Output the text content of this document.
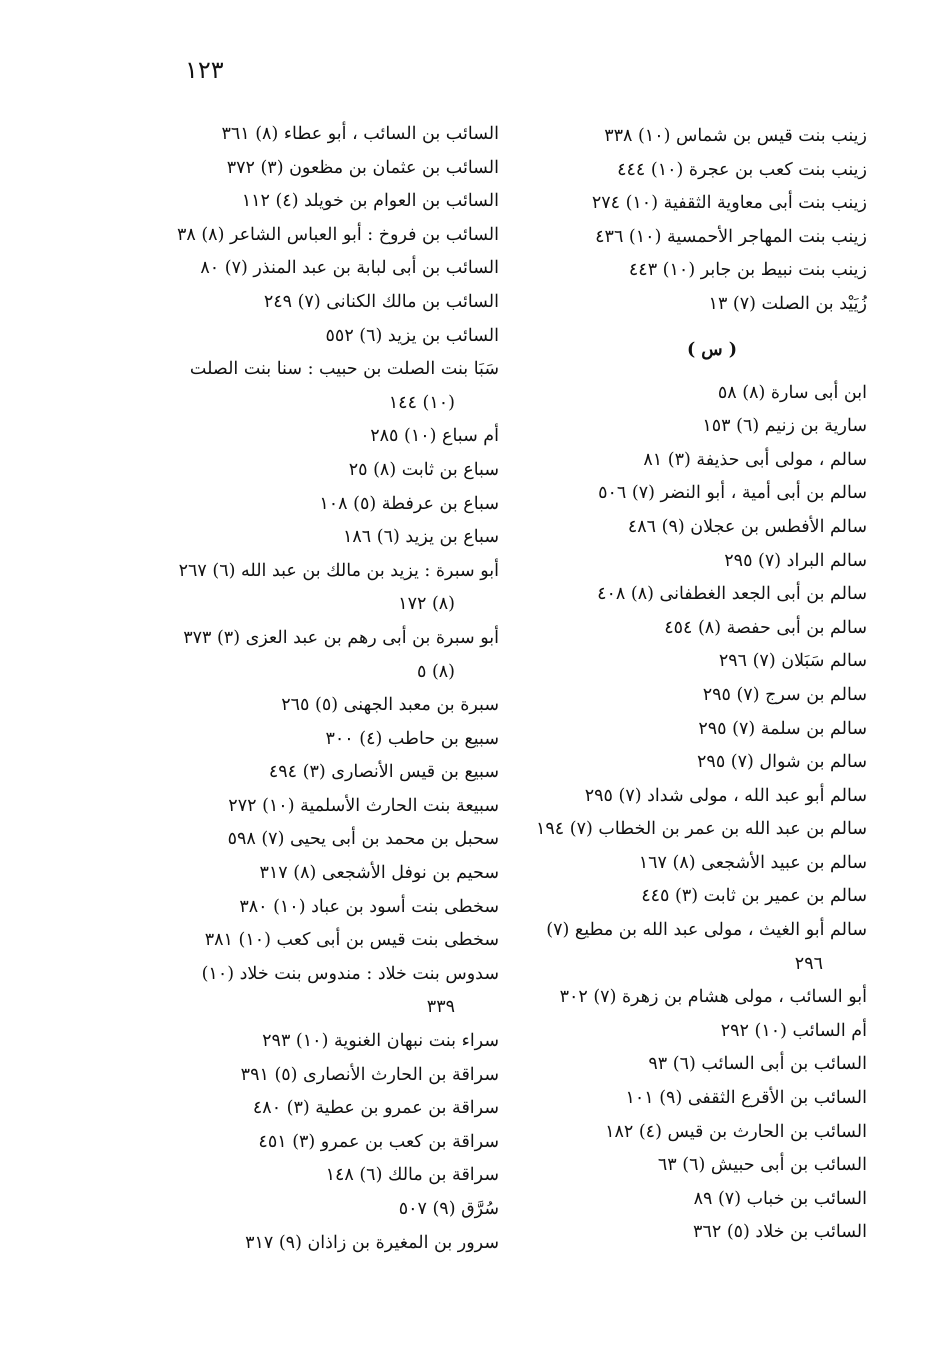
١٢٣
زينب بنت قيس بن شماس (١٠) ٣٣٨
زينب بنت كعب بن عجرة (١٠) ٤٤٤
زينب بنت أبى معاوية الثقفية (١٠) ٢٧٤
زينب بنت المهاجر الأحمسية (١٠) ٤٣٦
زينب بنت نبيط بن جابر (١٠) ٤٤٣
زُيَيْد بن الصلت (٧) ١٣
( س )
ابن أبى سارة (٨) ٥٨
سارية بن زنيم (٦) ١٥٣
سالم ، مولى أبى حذيفة (٣) ٨١
سالم بن أبى أمية ، أبو النضر (٧) ٥٠٦
سالم الأفطس بن عجلان (٩) ٤٨٦
سالم البراد (٧) ٢٩٥
سالم بن أبى الجعد الغطفانى (٨) ٤٠٨
سالم بن أبى حفصة (٨) ٤٥٤
سالم سَبَلان (٧) ٢٩٦
سالم بن سرج (٧) ٢٩٥
سالم بن سلمة (٧) ٢٩٥
سالم بن شوال (٧) ٢٩٥
سالم أبو عبد الله ، مولى شداد (٧) ٢٩٥
سالم بن عبد الله بن عمر بن الخطاب (٧) ١٩٤
سالم بن عبيد الأشجعى (٨) ١٦٧
سالم بن عمير بن ثابت (٣) ٤٤٥
سالم أبو الغيث ، مولى عبد الله بن مطيع (٧)
٢٩٦
أبو السائب ، مولى هشام بن زهرة (٧) ٣٠٢
أم السائب (١٠) ٢٩٢
السائب بن أبى السائب (٦) ٩٣
السائب بن الأقرع الثقفى (٩) ١٠١
السائب بن الحارث بن قيس (٤) ١٨٢
السائب بن أبى حبيش (٦) ٦٣
السائب بن خباب (٧) ٨٩
السائب بن خلاد (٥) ٣٦٢
السائب بن السائب ، أبو عطاء (٨) ٣٦١
السائب بن عثمان بن مظعون (٣) ٣٧٢
السائب بن العوام بن خويلد (٤) ١١٢
السائب بن فروخ : أبو العباس الشاعر (٨) ٣٨
السائب بن أبى لبابة بن عبد المنذر (٧) ٨٠
السائب بن مالك الكنانى (٧) ٢٤٩
السائب بن يزيد (٦) ٥٥٢
سَبَا بنت الصلت بن حبيب : سنا بنت الصلت
(١٠) ١٤٤
أم سباع (١٠) ٢٨٥
سباع بن ثابت (٨) ٢٥
سباع بن عرفطة (٥) ١٠٨
سباع بن يزيد (٦) ١٨٦
أبو سبرة : يزيد بن مالك بن عبد الله (٦) ٢٦٧
(٨) ١٧٢
أبو سبرة بن أبى رهم بن عبد العزى (٣) ٣٧٣
(٨) ٥
سبرة بن معبد الجهنى (٥) ٢٦٥
سبيع بن حاطب (٤) ٣٠٠
سبيع بن قيس الأنصارى (٣) ٤٩٤
سبيعة بنت الحارث الأسلمية (١٠) ٢٧٢
سحبل بن محمد بن أبى يحيى (٧) ٥٩٨
سحيم بن نوفل الأشجعى (٨) ٣١٧
سخطى بنت أسود بن عباد (١٠) ٣٨٠
سخطى بنت قيس بن أبى كعب (١٠) ٣٨١
سدوس بنت خلاد : مندوس بنت خلاد (١٠)
٣٣٩
سراء بنت نبهان الغنوية (١٠) ٢٩٣
سراقة بن الحارث الأنصارى (٥) ٣٩١
سراقة بن عمرو بن عطية (٣) ٤٨٠
سراقة بن كعب بن عمرو (٣) ٤٥١
سراقة بن مالك (٦) ١٤٨
سُرَّق (٩) ٥٠٧
سرور بن المغيرة بن زاذان (٩) ٣١٧
